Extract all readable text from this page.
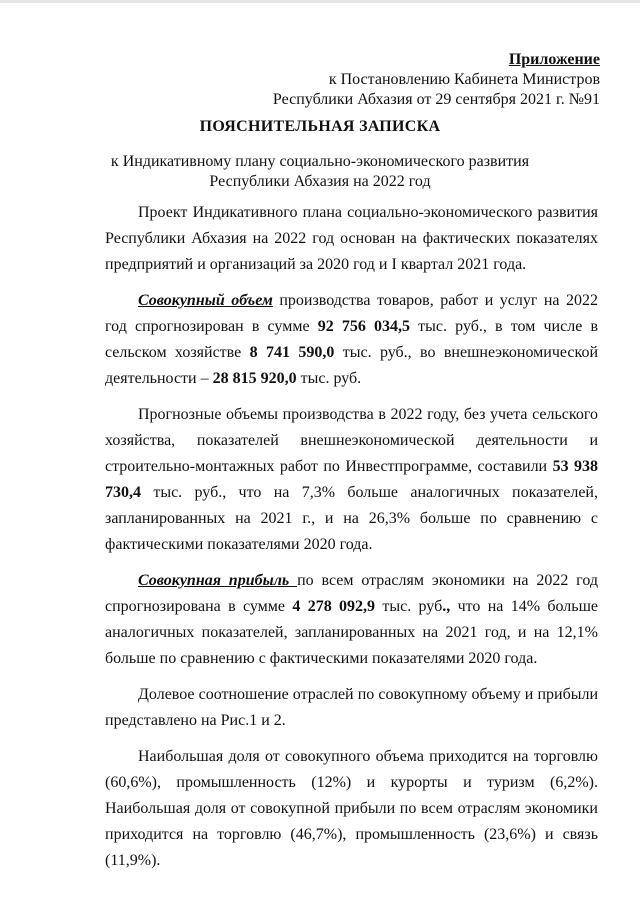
Приложение
к Постановлению Кабинета Министров
Республики Абхазия от 29 сентября 2021 г. №91
ПОЯСНИТЕЛЬНАЯ ЗАПИСКА
к Индикативному плану социально-экономического развития
Республики Абхазия на 2022 год

Проект Индикативного плана социально-экономического развития Республики Абхазия на 2022 год основан на фактических показателях предприятий и организаций за 2020 год и I квартал 2021 года.

Совокупный объем производства товаров, работ и услуг на 2022 год спрогнозирован в сумме 92 756 034,5 тыс. руб., в том числе в сельском хозяйстве 8 741 590,0 тыс. руб., во внешнеэкономической деятельности – 28 815 920,0 тыс. руб.

Прогнозные объемы производства в 2022 году, без учета сельского хозяйства, показателей внешнеэкономической деятельности и строительно-монтажных работ по Инвестпрограмме, составили 53 938 730,4 тыс. руб., что на 7,3% больше аналогичных показателей, запланированных на 2021 г., и на 26,3% больше по сравнению с фактическими показателями 2020 года.

Совокупная прибыль по всем отраслям экономики на 2022 год спрогнозирована в сумме 4 278 092,9 тыс. руб., что на 14% больше аналогичных показателей, запланированных на 2021 год, и на 12,1% больше по сравнению с фактическими показателями 2020 года.

Долевое соотношение отраслей по совокупному объему и прибыли представлено на Рис.1 и 2.

Наибольшая доля от совокупного объема приходится на торговлю (60,6%), промышленность (12%) и курорты и туризм (6,2%). Наибольшая доля от совокупной прибыли по всем отраслям экономики приходится на торговлю (46,7%), промышленность (23,6%) и связь (11,9%).
